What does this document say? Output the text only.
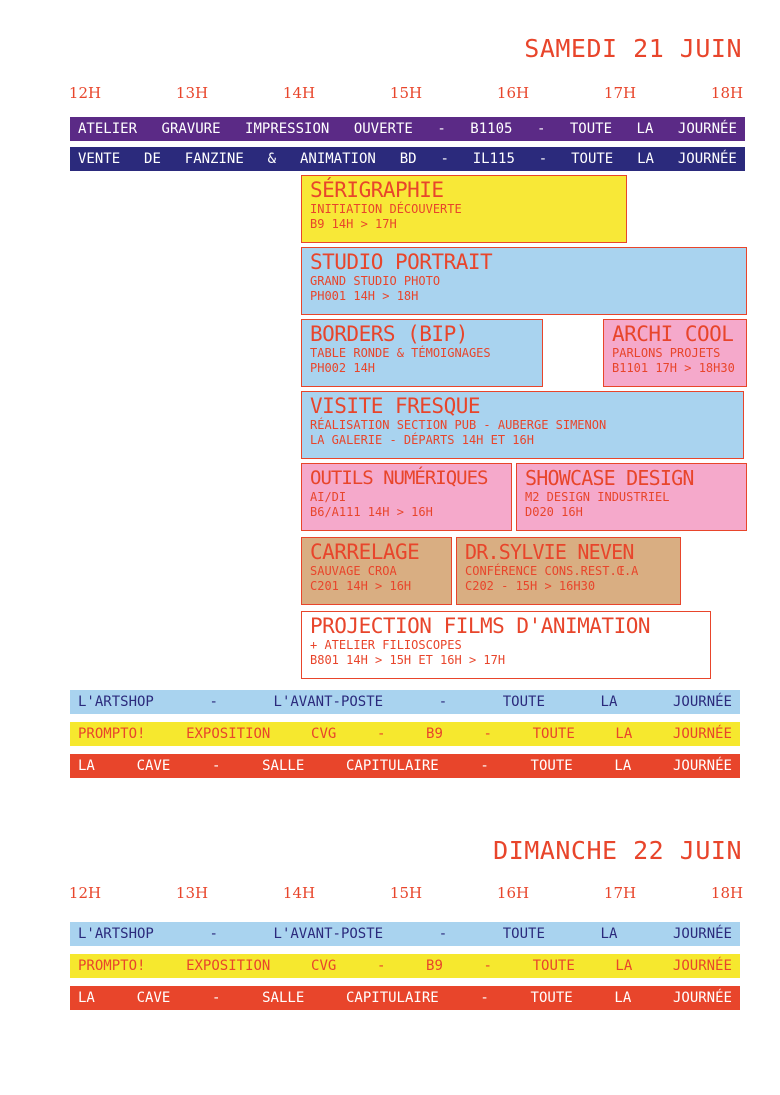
SAMEDI 21 JUIN
12H	13H	14H	15H	16H	17H	18H
ATELIER GRAVURE IMPRESSION OUVERTE - B1105 - TOUTE LA JOURNÉE
VENTE DE FANZINE & ANIMATION BD - IL115 - TOUTE LA JOURNÉE
SÉRIGRAPHIE
INITIATION DÉCOUVERTE
B9 14H > 17H
STUDIO PORTRAIT
GRAND STUDIO PHOTO
PH001 14H > 18H
BORDERS (BIP)
TABLE RONDE & TÉMOIGNAGES
PH002 14H
ARCHI COOL
PARLONS PROJETS
B1101 17H > 18H30
VISITE FRESQUE
RÉALISATION SECTION PUB - AUBERGE SIMENON
LA GALERIE - DÉPARTS 14H ET 16H
OUTILS NUMÉRIQUES
AI/DI
B6/A111 14H > 16H
SHOWCASE DESIGN
M2 DESIGN INDUSTRIEL
D020 16H
CARRELAGE
SAUVAGE CROA
C201 14H > 16H
DR.SYLVIE NEVEN
CONFÉRENCE CONS.REST.Œ.A
C202 - 15H > 16H30
PROJECTION FILMS D'ANIMATION
+ ATELIER FILIOSCOPES
B801 14H > 15H ET 16H > 17H
L'ARTSHOP	-	L'AVANT-POSTE	-	TOUTE	LA	JOURNÉE
PROMPTO!	EXPOSITION	CVG	-	B9	-	TOUTE	LA	JOURNÉE
LA	CAVE	-	SALLE	CAPITULAIRE	-	TOUTE	LA	JOURNÉE
DIMANCHE 22 JUIN
12H	13H	14H	15H	16H	17H	18H
L'ARTSHOP	-	L'AVANT-POSTE	-	TOUTE	LA	JOURNÉE
PROMPTO!	EXPOSITION	CVG	-	B9	-	TOUTE	LA	JOURNÉE
LA	CAVE	-	SALLE	CAPITULAIRE	-	TOUTE	LA	JOURNÉE
